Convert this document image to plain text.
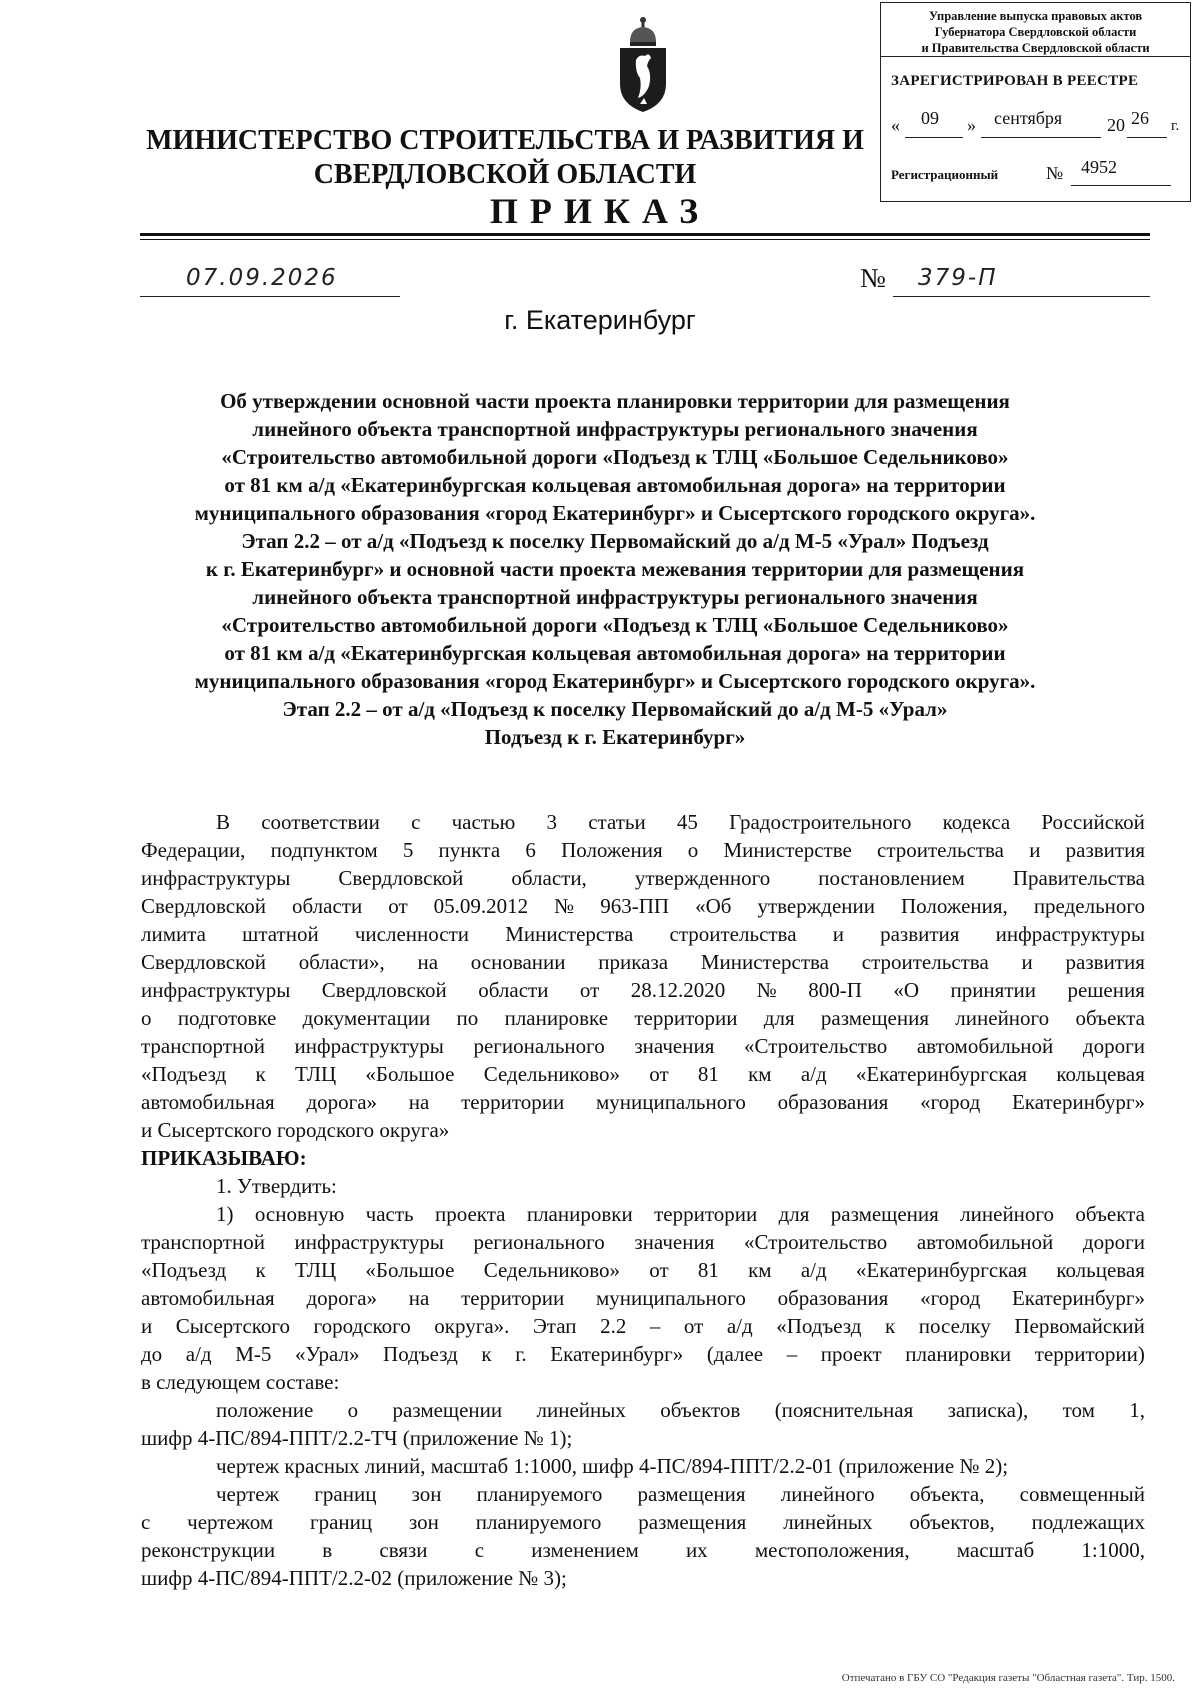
Управление выпуска правовых актов
Губернатора Свердловской области
и Правительства Свердловской области
ЗАРЕГИСТРИРОВАН В РЕЕСТРЕ
« 09 » сентября 20 26 г.
Регистрационный	№ 4952
МИНИСТЕРСТВО СТРОИТЕЛЬСТВА И РАЗВИТИЯ И
СВЕРДЛОВСКОЙ ОБЛАСТИ
ПРИКАЗ
07.09.2026	№ 379-П
г. Екатеринбург
Об утверждении основной части проекта планировки территории для размещения
линейного объекта транспортной инфраструктуры регионального значения
«Строительство автомобильной дороги «Подъезд к ТЛЦ «Большое Седельниково»
от 81 км а/д «Екатеринбургская кольцевая автомобильная дорога» на территории
муниципального образования «город Екатеринбург» и Сысертского городского округа».
Этап 2.2 – от а/д «Подъезд к поселку Первомайский до а/д М-5 «Урал» Подъезд
к г. Екатеринбург» и основной части проекта межевания территории для размещения
линейного объекта транспортной инфраструктуры регионального значения
«Строительство автомобильной дороги «Подъезд к ТЛЦ «Большое Седельниково»
от 81 км а/д «Екатеринбургская кольцевая автомобильная дорога» на территории
муниципального образования «город Екатеринбург» и Сысертского городского округа».
Этап 2.2 – от а/д «Подъезд к поселку Первомайский до а/д М-5 «Урал»
Подъезд к г. Екатеринбург»
В соответствии с частью 3 статьи 45 Градостроительного кодекса Российской
Федерации, подпунктом 5 пункта 6 Положения о Министерстве строительства и развития
инфраструктуры Свердловской области, утвержденного постановлением Правительства
Свердловской области от 05.09.2012 № 963-ПП «Об утверждении Положения, предельного
лимита штатной численности Министерства строительства и развития инфраструктуры
Свердловской области», на основании приказа Министерства строительства и развития
инфраструктуры Свердловской области от 28.12.2020 № 800-П «О принятии решения
о подготовке документации по планировке территории для размещения линейного объекта
транспортной инфраструктуры регионального значения «Строительство автомобильной дороги
«Подъезд к ТЛЦ «Большое Седельниково» от 81 км а/д «Екатеринбургская кольцевая
автомобильная дорога» на территории муниципального образования «город Екатеринбург»
и Сысертского городского округа»
ПРИКАЗЫВАЮ:
1. Утвердить:
1) основную часть проекта планировки территории для размещения линейного объекта
транспортной инфраструктуры регионального значения «Строительство автомобильной дороги
«Подъезд к ТЛЦ «Большое Седельниково» от 81 км а/д «Екатеринбургская кольцевая
автомобильная дорога» на территории муниципального образования «город Екатеринбург»
и Сысертского городского округа». Этап 2.2 – от а/д «Подъезд к поселку Первомайский
до а/д М-5 «Урал» Подъезд к г. Екатеринбург» (далее – проект планировки территории)
в следующем составе:
положение о размещении линейных объектов (пояснительная записка), том 1,
шифр 4-ПС/894-ППТ/2.2-ТЧ (приложение № 1);
чертеж красных линий, масштаб 1:1000, шифр 4-ПС/894-ППТ/2.2-01 (приложение № 2);
чертеж границ зон планируемого размещения линейного объекта, совмещенный
с чертежом границ зон планируемого размещения линейных объектов, подлежащих
реконструкции в связи с изменением их местоположения, масштаб 1:1000,
шифр 4-ПС/894-ППТ/2.2-02 (приложение № 3);
Отпечатано в ГБУ СО "Редакция газеты "Областная газета". Тир. 1500.
